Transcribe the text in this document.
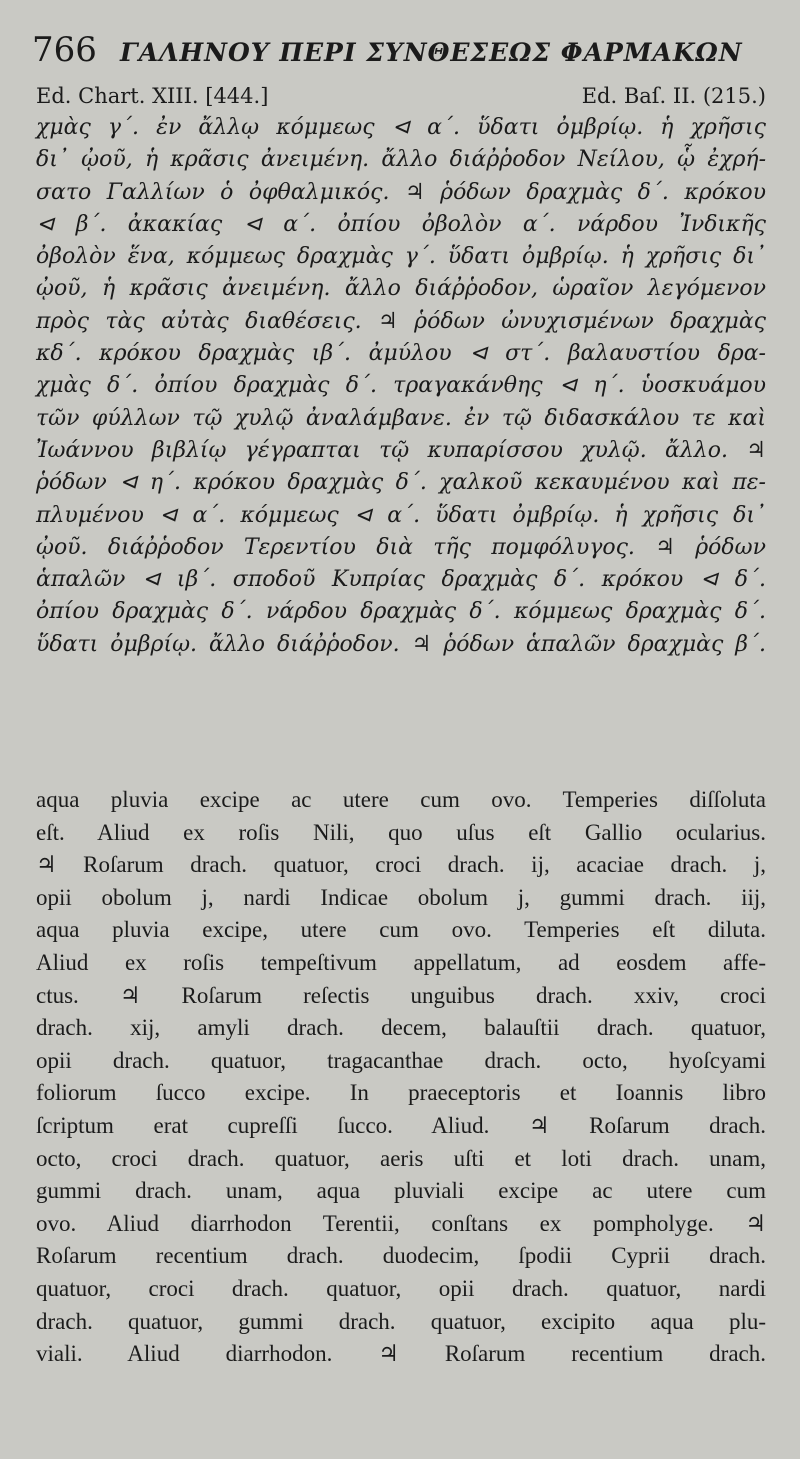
766 ΓΑΛΗΝΟΥ ΠΕΡΙ ΣΥΝΘΕΣΕΩΣ ΦΑΡΜΑΚΩΝ
Ed. Chart. XIII. [444.]	Ed. Baſ. II. (215.)
χμὰς γ΄. ἐν ἄλλῳ κόμμεως ⊲ α΄. ὕδατι ὀμβρίῳ. ἡ χρῆσις
δι᾽ ᾠοῦ, ἡ κρᾶσις ἀνειμένη. ἄλλο διάῤῥοδον Νείλου, ᾧ ἐχρή-
σατο Γαλλίων ὁ ὀφθαλμικός. ♃ ῥόδων δραχμὰς δ΄. κρόκου
⊲ β΄. ἀκακίας ⊲ α΄. ὀπίου ὀβολὸν α΄. νάρδου Ἰνδικῆς
ὀβολὸν ἕνα, κόμμεως δραχμὰς γ΄. ὕδατι ὀμβρίῳ. ἡ χρῆσις δι᾽
ᾠοῦ, ἡ κρᾶσις ἀνειμένη. ἄλλο διάῤῥοδον, ὡραῖον λεγόμενον
πρὸς τὰς αὐτὰς διαθέσεις. ♃ ῥόδων ὠνυχισμένων δραχμὰς
κδ΄. κρόκου δραχμὰς ιβ΄. ἀμύλου ⊲ στ΄. βαλαυστίου δρα-
χμὰς δ΄. ὀπίου δραχμὰς δ΄. τραγακάνθης ⊲ η΄. ὑοσκυάμου
τῶν φύλλων τῷ χυλῷ ἀναλάμβανε. ἐν τῷ διδασκάλου τε καὶ
Ἰωάννου βιβλίῳ γέγραπται τῷ κυπαρίσσου χυλῷ. ἄλλο. ♃
ῥόδων ⊲ η΄. κρόκου δραχμὰς δ΄. χαλκοῦ κεκαυμένου καὶ πε-
πλυμένου ⊲ α΄. κόμμεως ⊲ α΄. ὕδατι ὀμβρίῳ. ἡ χρῆσις δι᾽
ᾠοῦ. διάῤῥοδον Τερεντίου διὰ τῆς πομφόλυγος. ♃ ῥόδων
ἁπαλῶν ⊲ ιβ΄. σποδοῦ Κυπρίας δραχμὰς δ΄. κρόκου ⊲ δ΄.
ὀπίου δραχμὰς δ΄. νάρδου δραχμὰς δ΄. κόμμεως δραχμὰς δ΄.
ὕδατι ὀμβρίῳ. ἄλλο διάῤῥοδον. ♃ ῥόδων ἁπαλῶν δραχμὰς β΄.
aqua pluvia excipe ac utere cum ovo. Temperies diſſoluta
eſt. Aliud ex roſis Nili, quo uſus eſt Gallio ocularius.
♃ Roſarum drach. quatuor, croci drach. ij, acaciae drach. j,
opii obolum j, nardi Indicae obolum j, gummi drach. iij,
aqua pluvia excipe, utere cum ovo. Temperies eſt diluta.
Aliud ex roſis tempeſtivum appellatum, ad eosdem affe-
ctus. ♃ Roſarum reſectis unguibus drach. xxiv, croci
drach. xij, amyli drach. decem, balauſtii drach. quatuor,
opii drach. quatuor, tragacanthae drach. octo, hyoſcyami
foliorum ſucco excipe. In praeceptoris et Ioannis libro
ſcriptum erat cupreſſi ſucco. Aliud. ♃ Roſarum drach.
octo, croci drach. quatuor, aeris uſti et loti drach. unam,
gummi drach. unam, aqua pluviali excipe ac utere cum
ovo. Aliud diarrhodon Terentii, conſtans ex pompholyge. ♃
Roſarum recentium drach. duodecim, ſpodii Cyprii drach.
quatuor, croci drach. quatuor, opii drach. quatuor, nardi
drach. quatuor, gummi drach. quatuor, excipito aqua plu-
viali. Aliud diarrhodon. ♃ Roſarum recentium drach.
